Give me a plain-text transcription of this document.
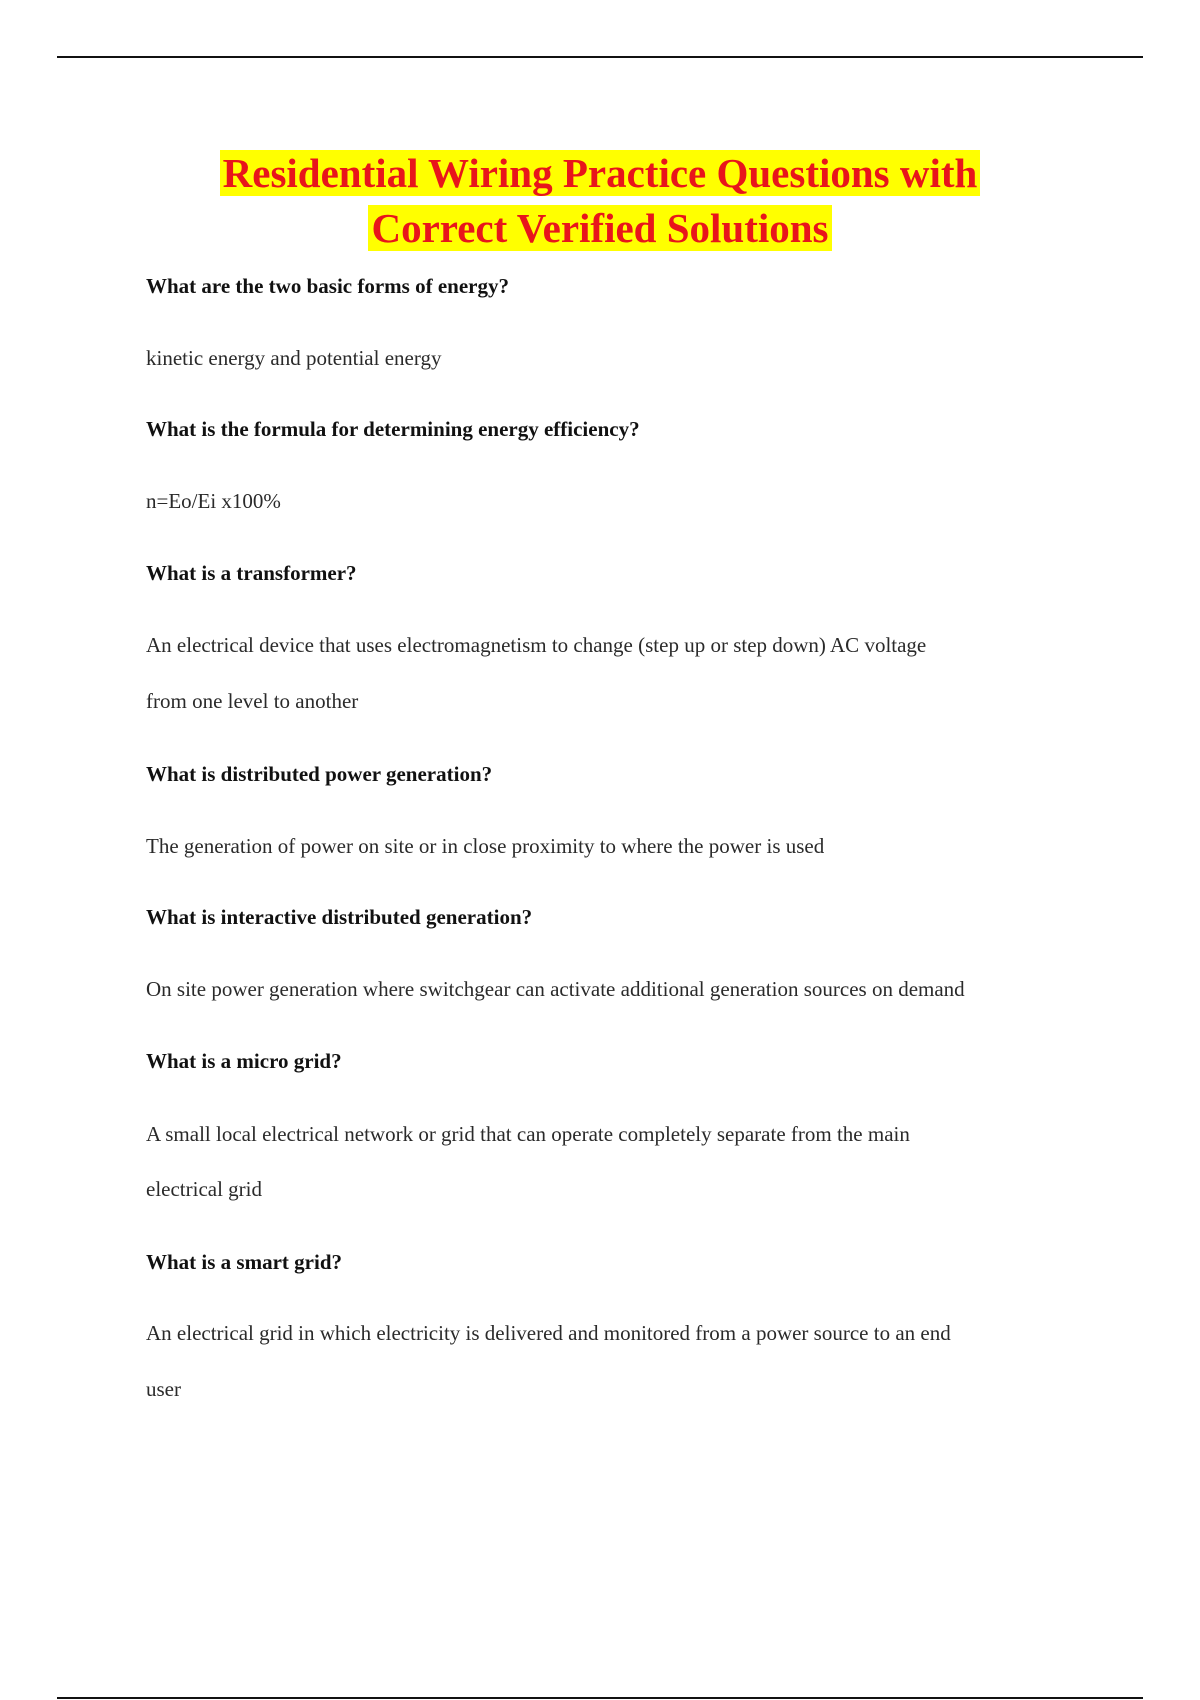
Residential Wiring Practice Questions with
Correct Verified Solutions
What are the two basic forms of energy?
kinetic energy and potential energy
What is the formula for determining energy efficiency?
n=Eo/Ei x100%
What is a transformer?
An electrical device that uses electromagnetism to change (step up or step down) AC voltage
from one level to another
What is distributed power generation?
The generation of power on site or in close proximity to where the power is used
What is interactive distributed generation?
On site power generation where switchgear can activate additional generation sources on demand
What is a micro grid?
A small local electrical network or grid that can operate completely separate from the main
electrical grid
What is a smart grid?
An electrical grid in which electricity is delivered and monitored from a power source to an end
user
